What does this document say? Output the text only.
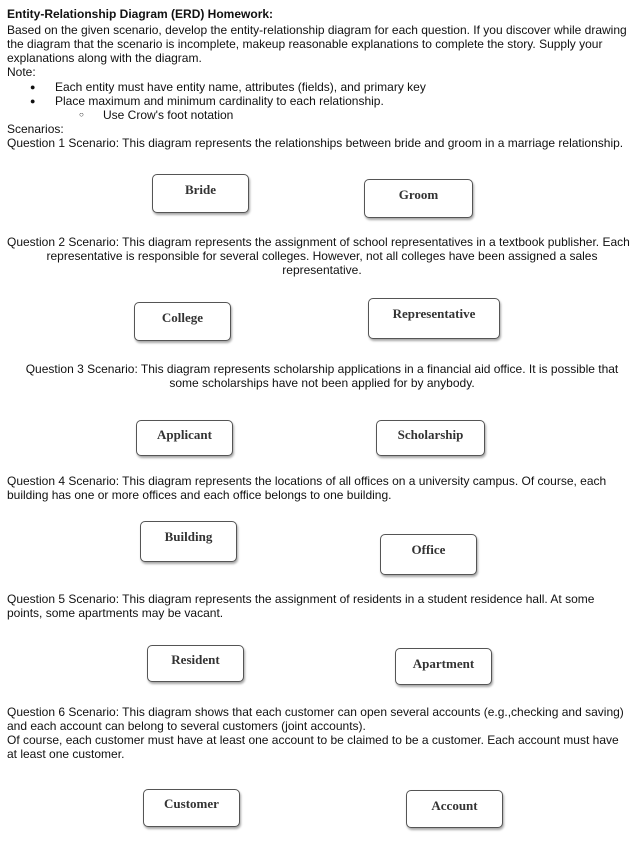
Entity-Relationship Diagram (ERD) Homework:
Based on the given scenario, develop the entity-relationship diagram for each question. If you discover while drawing
the diagram that the scenario is incomplete, makeup reasonable explanations to complete the story. Supply your
explanations along with the diagram.
Note:
● Each entity must have entity name, attributes (fields), and primary key
● Place maximum and minimum cardinality to each relationship.
○ Use Crow's foot notation
Scenarios:
Question 1 Scenario: This diagram represents the relationships between bride and groom in a marriage relationship.
Bride	Groom
Question 2 Scenario: This diagram represents the assignment of school representatives in a textbook publisher. Each
representative is responsible for several colleges. However, not all colleges have been assigned a sales
representative.
College	Representative
Question 3 Scenario: This diagram represents scholarship applications in a financial aid office. It is possible that
some scholarships have not been applied for by anybody.
Applicant	Scholarship
Question 4 Scenario: This diagram represents the locations of all offices on a university campus. Of course, each
building has one or more offices and each office belongs to one building.
Building
Office
Question 5 Scenario: This diagram represents the assignment of residents in a student residence hall. At some
points, some apartments may be vacant.
Resident	Apartment
Question 6 Scenario: This diagram shows that each customer can open several accounts (e.g.,checking and saving)
and each account can belong to several customers (joint accounts).
Of course, each customer must have at least one account to be claimed to be a customer. Each account must have
at least one customer.
Customer	Account
